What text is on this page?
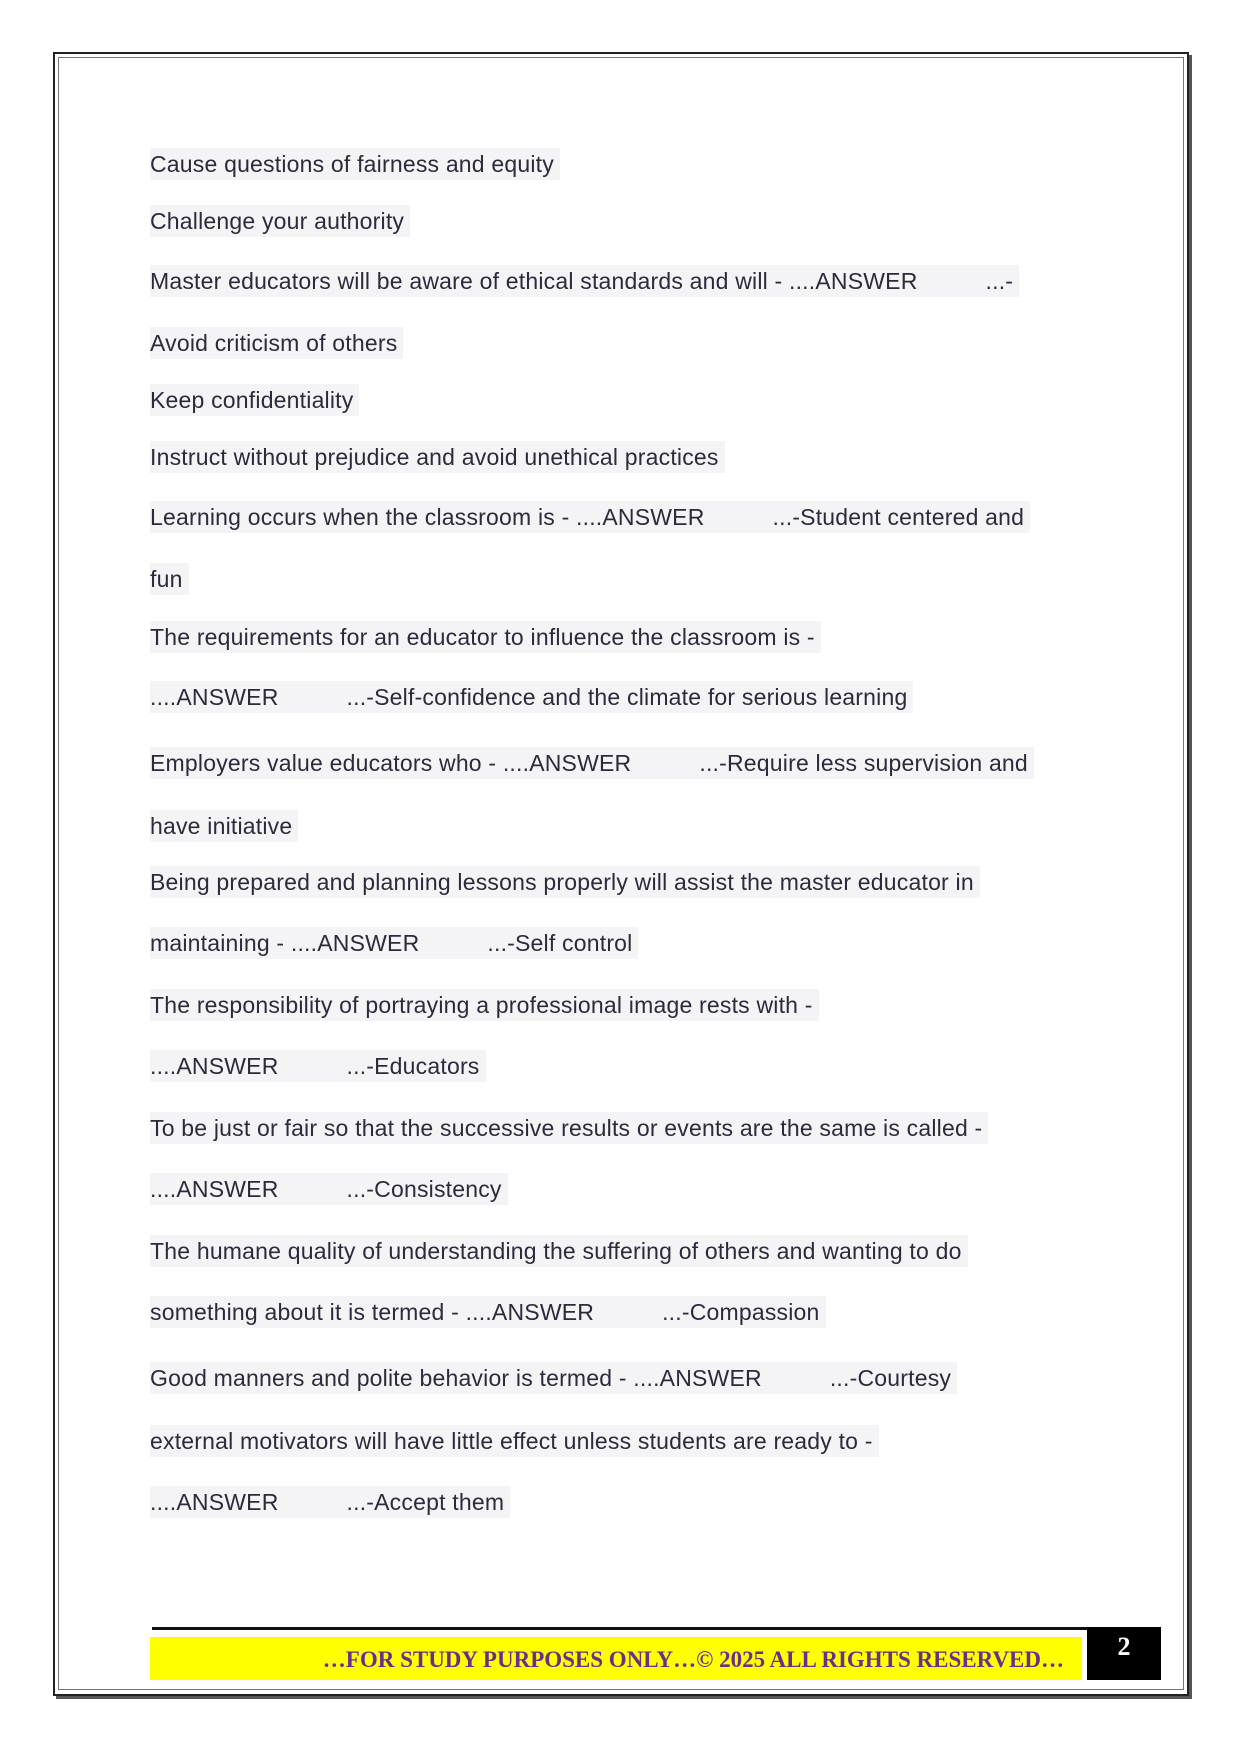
Cause questions of fairness and equity
Challenge your authority
Master educators will be aware of ethical standards and will - ....ANSWER	...-
Avoid criticism of others
Keep confidentiality
Instruct without prejudice and avoid unethical practices
Learning occurs when the classroom is - ....ANSWER	...-Student centered and
fun
The requirements for an educator to influence the classroom is -
....ANSWER	...-Self-confidence and the climate for serious learning
Employers value educators who - ....ANSWER	...-Require less supervision and
have initiative
Being prepared and planning lessons properly will assist the master educator in
maintaining - ....ANSWER	...-Self control
The responsibility of portraying a professional image rests with -
....ANSWER	...-Educators
To be just or fair so that the successive results or events are the same is called -
....ANSWER	...-Consistency
The humane quality of understanding the suffering of others and wanting to do
something about it is termed - ....ANSWER	...-Compassion
Good manners and polite behavior is termed - ....ANSWER	...-Courtesy
external motivators will have little effect unless students are ready to -
....ANSWER	...-Accept them
…FOR STUDY PURPOSES ONLY…© 2025 ALL RIGHTS RESERVED…	2
